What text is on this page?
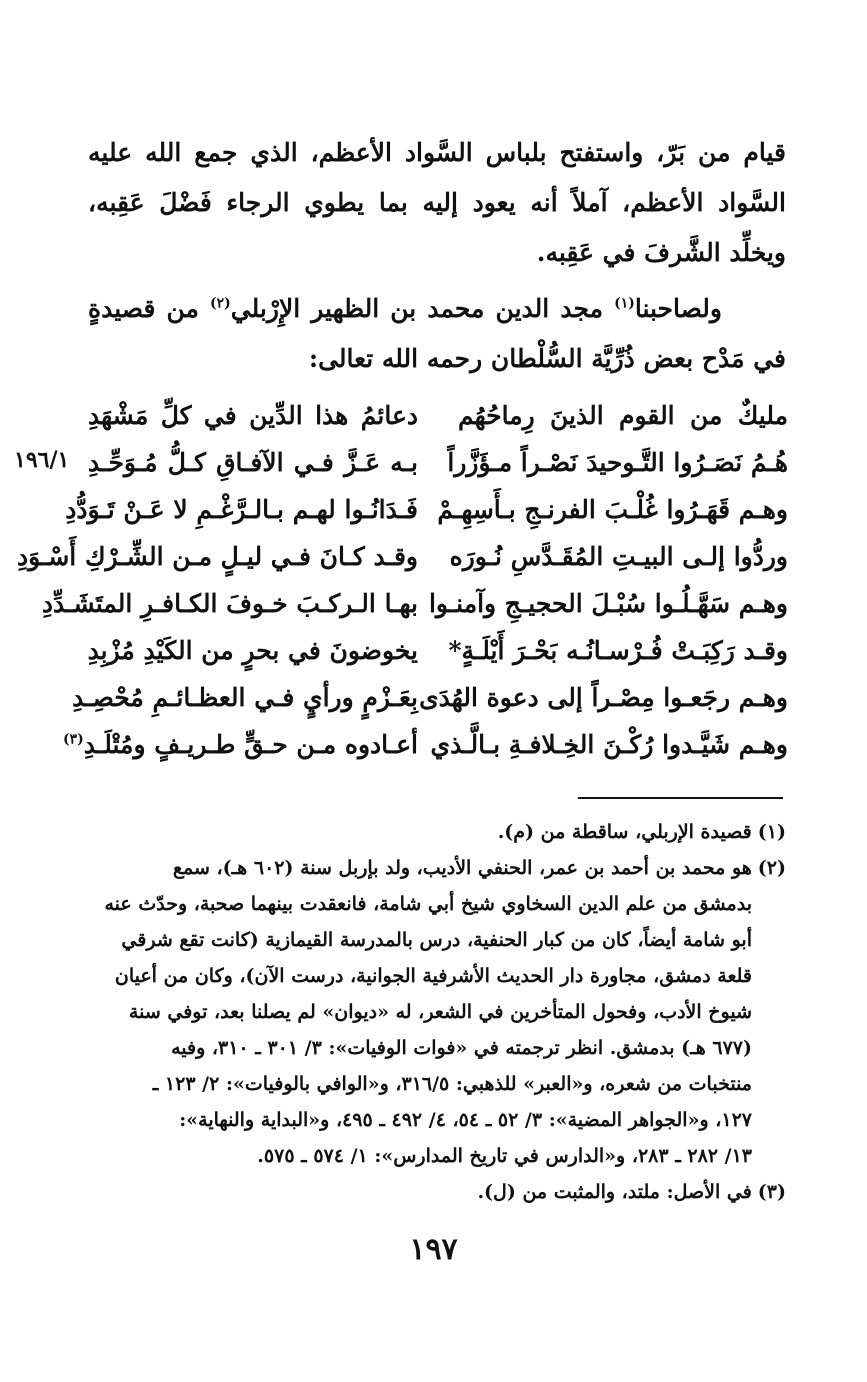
قيام من بَرّ، واستفتح بلباس السَّواد الأعظم، الذي جمع الله عليه السَّواد الأعظم، آملاً أنه يعود إليه بما يطوي الرجاء فَضْلَ عَقِبه، ويخلِّد الشَّرفَ في عَقِبه.

ولصاحبنا$^{(١)}$ مجد الدين محمد بن الظهير الإِرْبلي$^{(٢)}$ من قصيدةٍ في مَدْح بعض ذُرِّيَّة السُّلْطان رحمه الله تعالى:

١٩٦/١
مليكٌ من القوم الذينَ رِماحُهُم
دعائمُ هذا الدِّين في كلِّ مَشْهَدِ
هُـمُ نَصَـرُوا التَّـوحيدَ نَصْـراً مـؤَزَّراً
بـه عَـزَّ فـي الآفـاقِ كـلُّ مُـوَحِّـدِ
وهـم قَهَـرُوا غُلْـبَ الفرنـجِ بـأَسِهِـمْ
فَـدَانُـوا لهـم بـالـرَّغْـمِ لا عَـنْ تَـوَدُّدِ
وردُّوا إلـى البيـتِ المُقَـدَّسِ نُـورَه
وقـد كـانَ فـي ليـلٍ مـن الشِّـرْكِ أَسْـوَدِ
وهـم سَهَّـلُـوا سُبْـلَ الحجيـجِ وآمنـوا
بهـا الـركـبَ خـوفَ الكـافـرِ المتَشَـدِّدِ
وقـد رَكِبَـتْ فُـرْسـانُـه بَحْـرَ أَيْلَـةٍ*
يخوضونَ في بحرٍ من الكَيْدِ مُزْبِدِ
وهـم رجَعـوا مِصْـراً إلى دعوة الهُدَى
بِعَـزْمٍ ورأيٍ فـي العظـائـمِ مُحْصِـدِ
وهـم شَيَّـدوا رُكْـنَ الخِـلافـةِ بـالَّـذي
أعـادوه مـن حـقٍّ طـريـفٍ ومُتْلَـدِ$^{(٣)}$

(١)قصيدة الإربلي، ساقطة من (م).

(٢)هو محمد بن أحمد بن عمر، الحنفي الأديب، ولد بإربل سنة (٦٠٢ هـ)، سمع

بدمشق من علم الدين السخاوي شيخ أبي شامة، فانعقدت بينهما صحبة، وحدّث عنه

أبو شامة أيضاً، كان من كبار الحنفية، درس بالمدرسة القيمازية (كانت تقع شرقي

قلعة دمشق، مجاورة دار الحديث الأشرفية الجوانية، درست الآن)، وكان من أعيان

شيوخ الأدب، وفحول المتأخرين في الشعر، له «ديوان» لم يصلنا بعد، توفي سنة

(٦٧٧ هـ) بدمشق. انظر ترجمته في «فوات الوفيات»: ٣/ ٣٠١ ـ ٣١٠، وفيه

منتخبات من شعره، و«العبر» للذهبي: ٣١٦/٥، و«الوافي بالوفيات»: ٢/ ١٢٣ ـ

١٢٧، و«الجواهر المضية»: ٣/ ٥٢ ـ ٥٤، ٤/ ٤٩٢ ـ ٤٩٥، و«البداية والنهاية»:

١٣/ ٢٨٢ ـ ٢٨٣، و«الدارس في تاريخ المدارس»: ١/ ٥٧٤ ـ ٥٧٥.

(٣)في الأصل: ملتد، والمثبت من (ل).

١٩٧
